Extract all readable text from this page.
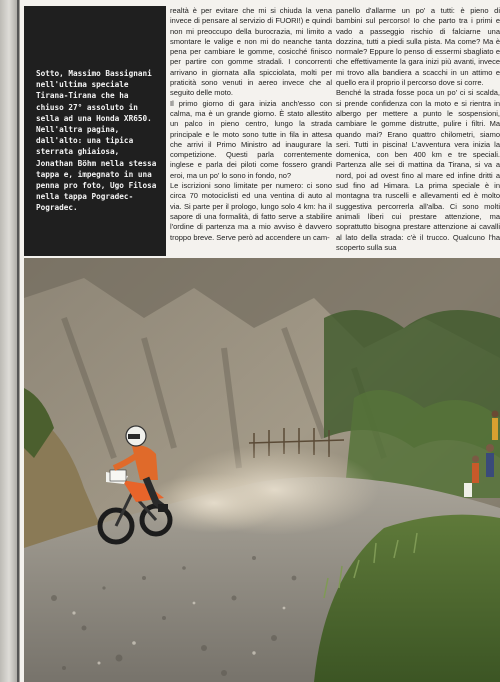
Sotto, Massimo Bassignani nell'ultima speciale Tirana-Tirana che ha chiuso 27° assoluto in sella ad una Honda XR650. Nell'altra pagina, dall'alto: una tipica sterrata ghiaiosa, Jonathan Böhm nella stessa tappa e, impegnato in una penna pro foto, Ugo Filosa nella tappa Pogradec-Pogradec.

realtà è per evitare che mi si chiuda la vena invece di pensare al servizio di FUORI!) e quindi non mi preoccupo della burocrazia, mi limito a smontare le valige e non mi do neanche tanta pena per cambiare le gomme, cosicché finisco per partire con gomme stradali. I concorrenti arrivano in giornata alla spicciolata, molti per praticità sono venuti in aereo invece che al seguito delle moto.

Il primo giorno di gara inizia anch'esso con calma, ma è un grande giorno. È stato allestito un palco in pieno centro, lungo la strada principale e le moto sono tutte in fila in attesa che arrivi il Primo Ministro ad inaugurare la competizione. Questi parla correntemente inglese e parla dei piloti come fossero grandi eroi, ma un po' lo sono in fondo, no?

Le iscrizioni sono limitate per numero: ci sono circa 70 motociclisti ed una ventina di auto al via. Si parte per il prologo, lungo solo 4 km: ha il sapore di una formalità, di fatto serve a stabilire l'ordine di partenza ma a mio avviso è davvero troppo breve. Serve però ad accendere un cam-

panello d'allarme un po' a tutti: è pieno di bambini sul percorso! Io che parto tra i primi e vado a passeggio rischio di falciarne una dozzina, tutti a piedi sulla pista. Ma come? Ma è normale? Eppure lo penso di essermi sbagliato e che effettivamente la gara inizi più avanti, invece mi trovo alla bandiera a scacchi in un attimo e quello era il proprio il percorso dove si corre.

Benché la strada fosse poca un po' ci si scalda, si prende confidenza con la moto e si rientra in albergo per mettere a punto le sospensioni, cambiare le gomme distrutte, pulire i filtri. Ma quando mai? Erano quattro chilometri, siamo seri. Tutti in piscina! L'avventura vera inizia la domenica, con ben 400 km e tre speciali. Partenza alle sei di mattina da Tirana, si va a nord, poi ad ovest fino al mare ed infine dritti a sud fino ad Himara. La prima speciale è in montagna tra ruscelli e allevamenti ed è molto suggestiva percorrerla all'alba. Ci sono molti animali liberi cui prestare attenzione, ma soprattutto bisogna prestare attenzione ai cavalli al lato della strada: c'è il trucco. Qualcuno l'ha scoperto sulla sua
